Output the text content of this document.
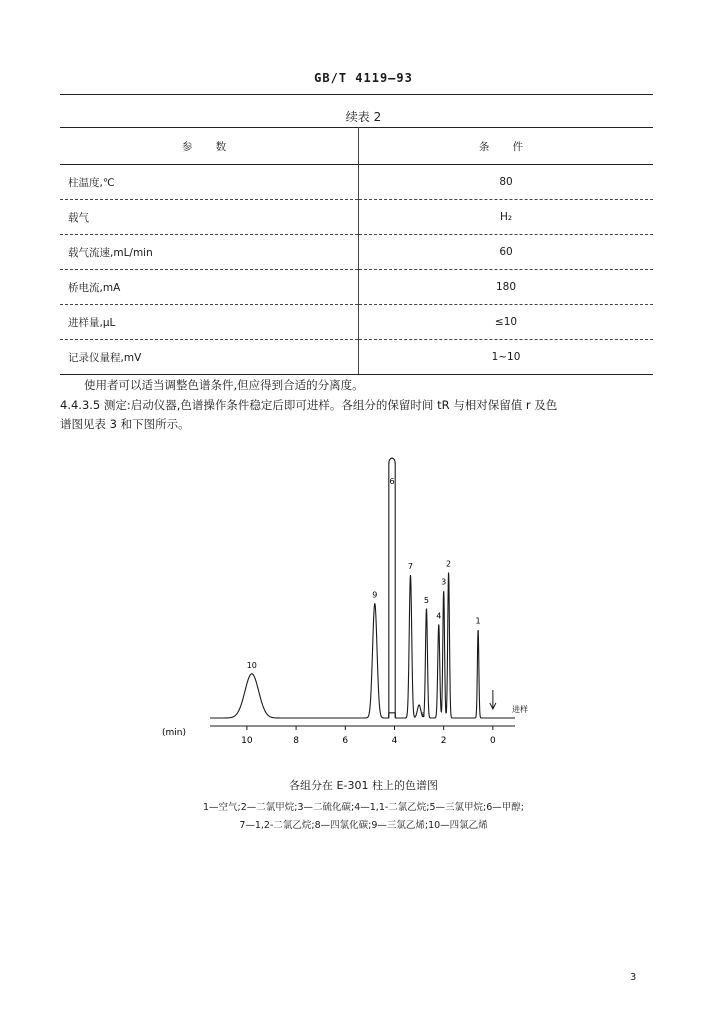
GB/T 4119—93
续表 2
参 数	条 件
柱温度,℃	80
载气	H₂
载气流速,mL/min	60
桥电流,mA	180
进样量,μL	≤10
记录仪量程,mV	1~10
使用者可以适当调整色谱条件,但应得到合适的分离度。
4.4.3.5 测定:启动仪器,色谱操作条件稳定后即可进样。各组分的保留时间 tR 与相对保留值 r 及色
谱图见表 3 和下图所示。
10	8	6	4	2	0
10
9
6
7
8
5
4
3
2
1
(min)
进样
各组分在 E-301 柱上的色谱图
1—空气;2—二氯甲烷;3—二硫化碳;4—1,1-二氯乙烷;5—三氯甲烷;6—甲醇;
7—1,2-二氯乙烷;8—四氯化碳;9—三氯乙烯;10—四氯乙烯
3
